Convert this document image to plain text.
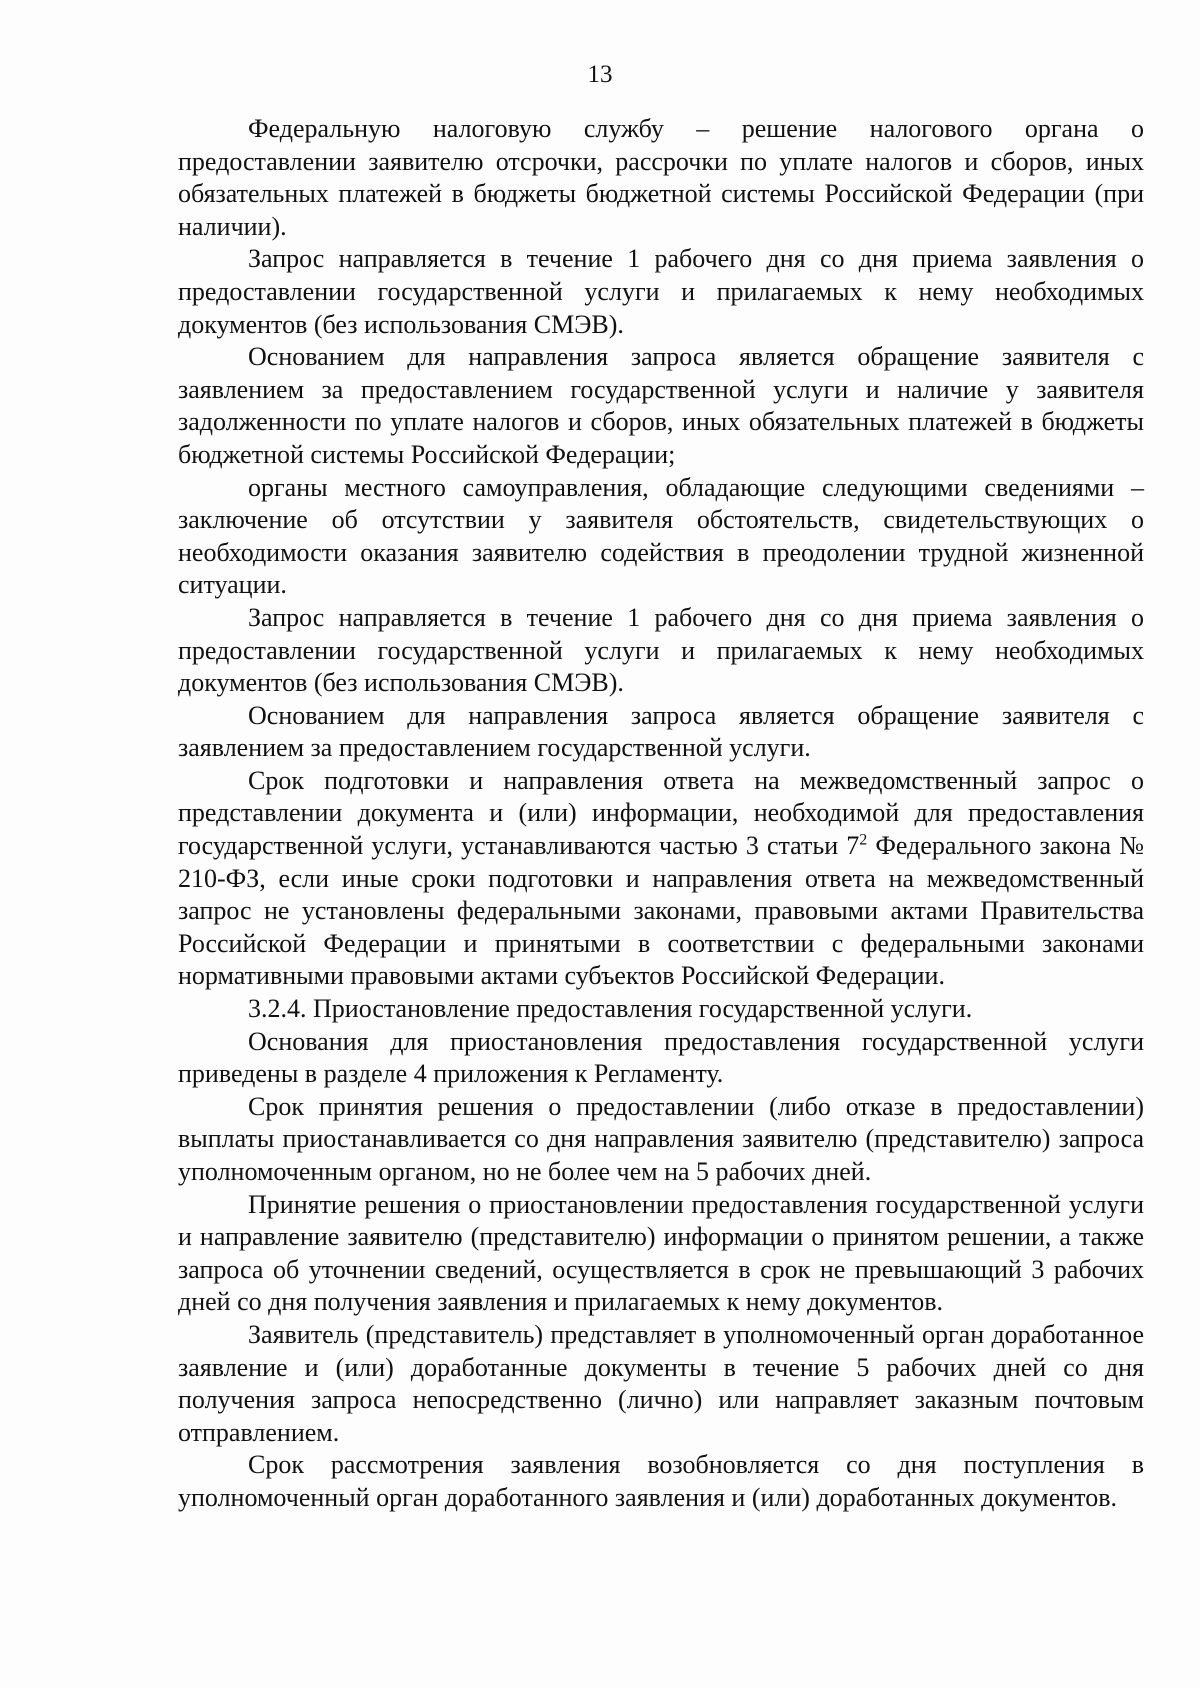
13

Федеральную налоговую службу – решение налогового органа о предоставлении заявителю отсрочки, рассрочки по уплате налогов и сборов, иных обязательных платежей в бюджеты бюджетной системы Российской Федерации (при наличии).

Запрос направляется в течение 1 рабочего дня со дня приема заявления о предоставлении государственной услуги и прилагаемых к нему необходимых документов (без использования СМЭВ).

Основанием для направления запроса является обращение заявителя с заявлением за предоставлением государственной услуги и наличие у заявителя задолженности по уплате налогов и сборов, иных обязательных платежей в бюджеты бюджетной системы Российской Федерации;

органы местного самоуправления, обладающие следующими сведениями – заключение об отсутствии у заявителя обстоятельств, свидетельствующих о необходимости оказания заявителю содействия в преодолении трудной жизненной ситуации.

Запрос направляется в течение 1 рабочего дня со дня приема заявления о предоставлении государственной услуги и прилагаемых к нему необходимых документов (без использования СМЭВ).

Основанием для направления запроса является обращение заявителя с заявлением за предоставлением государственной услуги.

Срок подготовки и направления ответа на межведомственный запрос о представлении документа и (или) информации, необходимой для предоставления государственной услуги, устанавливаются частью 3 статьи $7^2$ Федерального закона № 210-ФЗ, если иные сроки подготовки и направления ответа на межведомственный запрос не установлены федеральными законами, правовыми актами Правительства Российской Федерации и принятыми в соответствии с федеральными законами нормативными правовыми актами субъектов Российской Федерации.

3.2.4. Приостановление предоставления государственной услуги.

Основания для приостановления предоставления государственной услуги приведены в разделе 4 приложения к Регламенту.

Срок принятия решения о предоставлении (либо отказе в предоставлении) выплаты приостанавливается со дня направления заявителю (представителю) запроса уполномоченным органом, но не более чем на 5 рабочих дней.

Принятие решения о приостановлении предоставления государственной услуги и направление заявителю (представителю) информации о принятом решении, а также запроса об уточнении сведений, осуществляется в срок не превышающий 3 рабочих дней со дня получения заявления и прилагаемых к нему документов.

Заявитель (представитель) представляет в уполномоченный орган доработанное заявление и (или) доработанные документы в течение 5 рабочих дней со дня получения запроса непосредственно (лично) или направляет заказным почтовым отправлением.

Срок рассмотрения заявления возобновляется со дня поступления в уполномоченный орган доработанного заявления и (или) доработанных документов.
